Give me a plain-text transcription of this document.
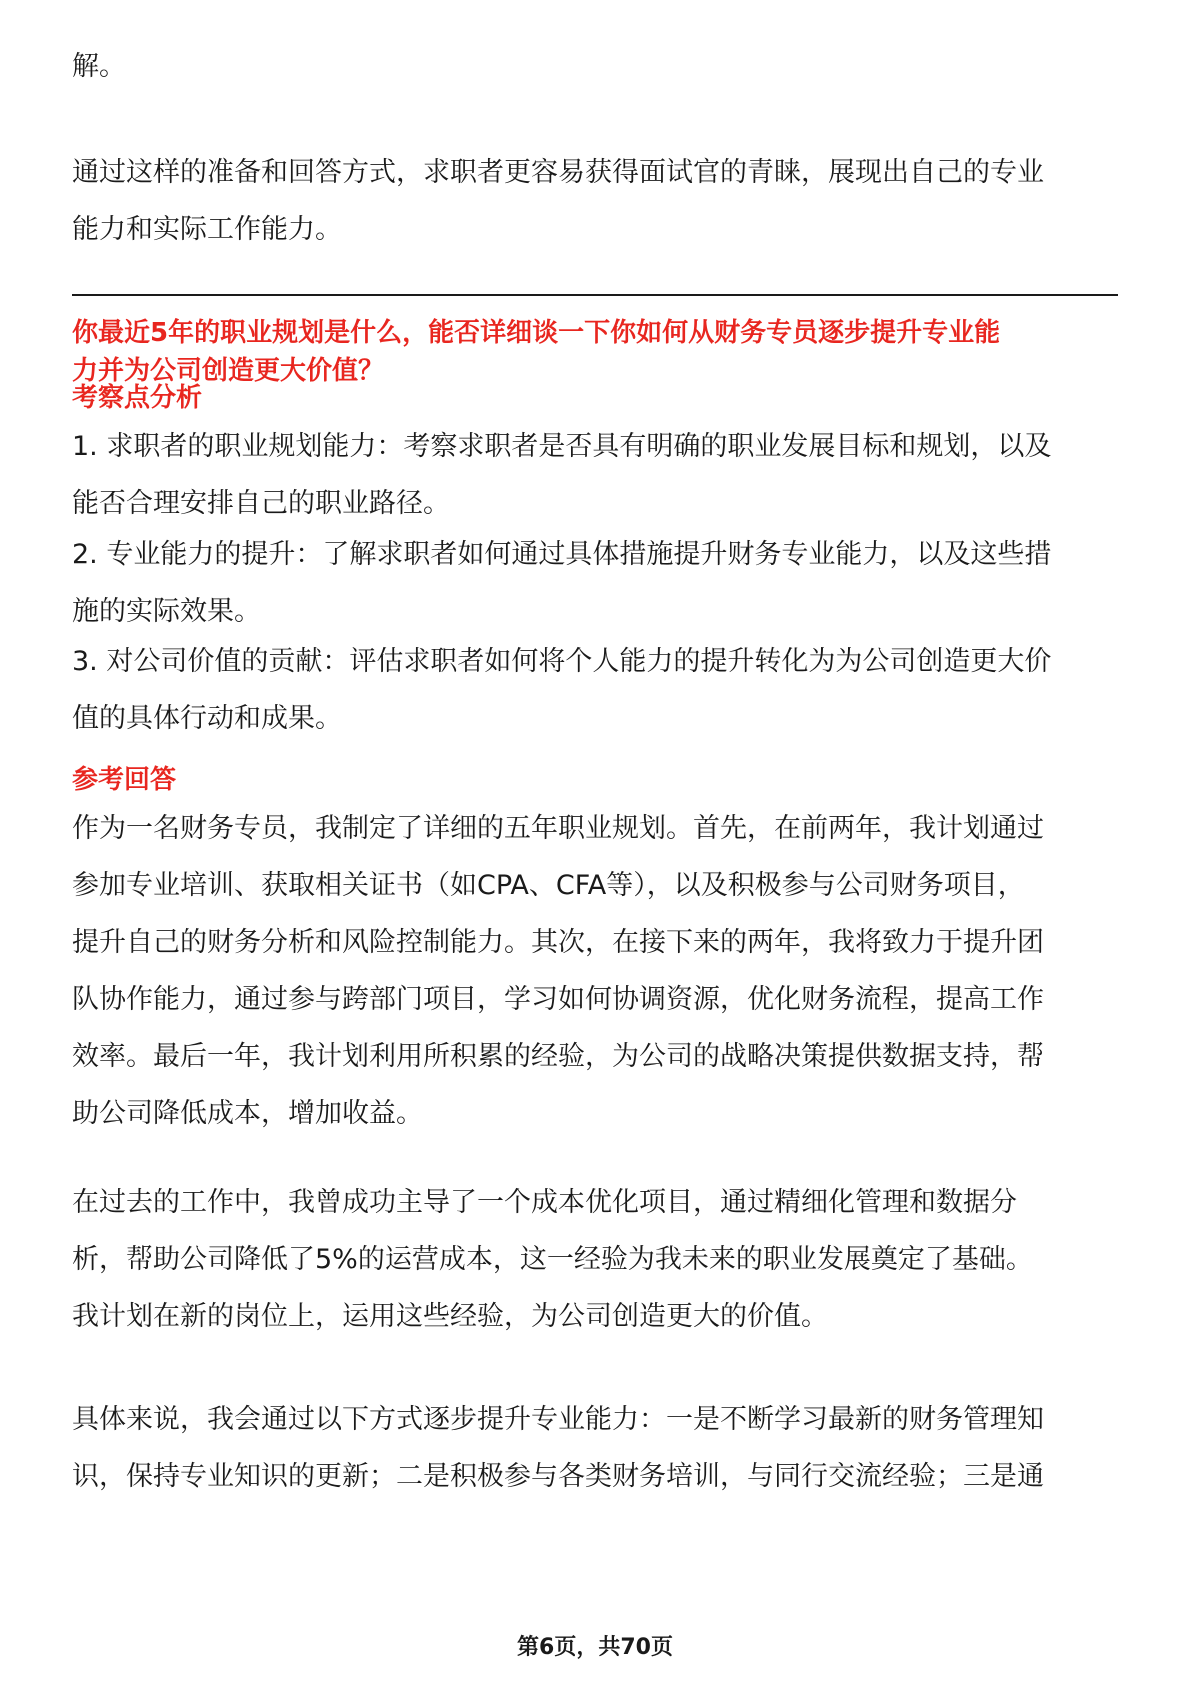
解。

通过这样的准备和回答方式，求职者更容易获得面试官的青睐，展现出自己的专业
能力和实际工作能力。

你最近5年的职业规划是什么，能否详细谈一下你如何从财务专员逐步提升专业能
力并为公司创造更大价值？
考察点分析

1. 求职者的职业规划能力：考察求职者是否具有明确的职业发展目标和规划，以及
能否合理安排自己的职业路径。

2. 专业能力的提升：了解求职者如何通过具体措施提升财务专业能力，以及这些措
施的实际效果。

3. 对公司价值的贡献：评估求职者如何将个人能力的提升转化为为公司创造更大价
值的具体行动和成果。

参考回答

作为一名财务专员，我制定了详细的五年职业规划。首先，在前两年，我计划通过
参加专业培训、获取相关证书（如CPA、CFA等），以及积极参与公司财务项目，
提升自己的财务分析和风险控制能力。其次，在接下来的两年，我将致力于提升团
队协作能力，通过参与跨部门项目，学习如何协调资源，优化财务流程，提高工作
效率。最后一年，我计划利用所积累的经验，为公司的战略决策提供数据支持，帮
助公司降低成本，增加收益。

在过去的工作中，我曾成功主导了一个成本优化项目，通过精细化管理和数据分
析，帮助公司降低了5%的运营成本，这一经验为我未来的职业发展奠定了基础。
我计划在新的岗位上，运用这些经验，为公司创造更大的价值。

具体来说，我会通过以下方式逐步提升专业能力：一是不断学习最新的财务管理知
识，保持专业知识的更新；二是积极参与各类财务培训，与同行交流经验；三是通

第6页，共70页
